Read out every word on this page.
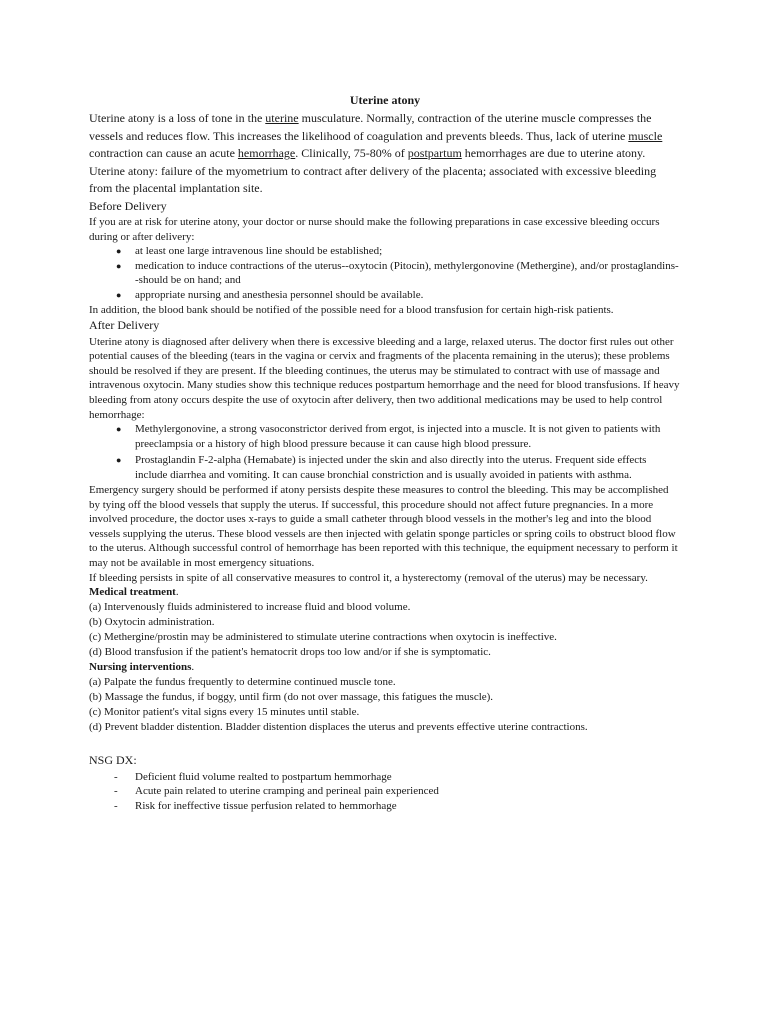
Uterine atony

Uterine atony is a loss of tone in the uterine musculature. Normally, contraction of the uterine muscle compresses the vessels and reduces flow. This increases the likelihood of coagulation and prevents bleeds. Thus, lack of uterine muscle contraction can cause an acute hemorrhage. Clinically, 75-80% of postpartum hemorrhages are due to uterine atony.

Uterine atony: failure of the myometrium to contract after delivery of the placenta; associated with excessive bleeding from the placental implantation site.

Before Delivery

If you are at risk for uterine atony, your doctor or nurse should make the following preparations in case excessive bleeding occurs during or after delivery:

● at least one large intravenous line should be established;
● medication to induce contractions of the uterus--oxytocin (Pitocin), methylergonovine (Methergine), and/or prostaglandins--should be on hand; and
● appropriate nursing and anesthesia personnel should be available.

In addition, the blood bank should be notified of the possible need for a blood transfusion for certain high-risk patients.

After Delivery

Uterine atony is diagnosed after delivery when there is excessive bleeding and a large, relaxed uterus. The doctor first rules out other potential causes of the bleeding (tears in the vagina or cervix and fragments of the placenta remaining in the uterus); these problems should be resolved if they are present. If the bleeding continues, the uterus may be stimulated to contract with use of massage and intravenous oxytocin. Many studies show this technique reduces postpartum hemorrhage and the need for blood transfusions. If heavy bleeding from atony occurs despite the use of oxytocin after delivery, then two additional medications may be used to help control hemorrhage:

● Methylergonovine, a strong vasoconstrictor derived from ergot, is injected into a muscle. It is not given to patients with preeclampsia or a history of high blood pressure because it can cause high blood pressure.
● Prostaglandin F-2-alpha (Hemabate) is injected under the skin and also directly into the uterus. Frequent side effects include diarrhea and vomiting. It can cause bronchial constriction and is usually avoided in patients with asthma.

Emergency surgery should be performed if atony persists despite these measures to control the bleeding. This may be accomplished by tying off the blood vessels that supply the uterus. If successful, this procedure should not affect future pregnancies. In a more involved procedure, the doctor uses x-rays to guide a small catheter through blood vessels in the mother's leg and into the blood vessels supplying the uterus. These blood vessels are then injected with gelatin sponge particles or spring coils to obstruct blood flow to the uterus. Although successful control of hemorrhage has been reported with this technique, the equipment necessary to perform it may not be available in most emergency situations.

If bleeding persists in spite of all conservative measures to control it, a hysterectomy (removal of the uterus) may be necessary.

Medical treatment.

(a) Intervenously fluids administered to increase fluid and blood volume.

(b) Oxytocin administration.

(c) Methergine/prostin may be administered to stimulate uterine contractions when oxytocin is ineffective.

(d) Blood transfusion if the patient's hematocrit drops too low and/or if she is symptomatic.

Nursing interventions.

(a) Palpate the fundus frequently to determine continued muscle tone.

(b) Massage the fundus, if boggy, until firm (do not over massage, this fatigues the muscle).

(c) Monitor patient's vital signs every 15 minutes until stable.

(d) Prevent bladder distention. Bladder distention displaces the uterus and prevents effective uterine contractions.

NSG DX:

- Deficient fluid volume realted to postpartum hemmorhage
- Acute pain related to uterine cramping and perineal pain experienced
- Risk for ineffective tissue perfusion related to hemmorhage
